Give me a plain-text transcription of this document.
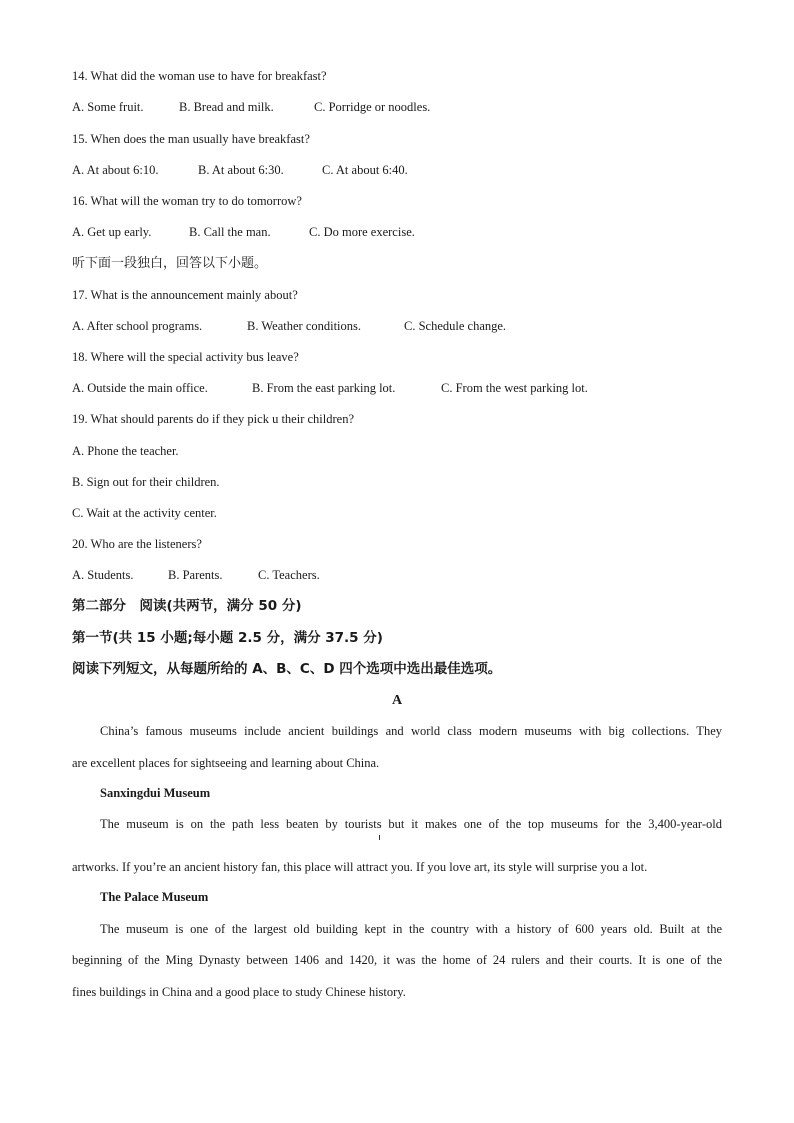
14. What did the woman use to have for breakfast?
A. Some fruit.	B. Bread and milk.	C. Porridge or noodles.
15. When does the man usually have breakfast?
A. At about 6:10.	B. At about 6:30.	C. At about 6:40.
16. What will the woman try to do tomorrow?
A. Get up early.	B. Call the man.	C. Do more exercise.
听下面一段独白，回答以下小题。
17. What is the announcement mainly about?
A. After school programs.	B. Weather conditions.	C. Schedule change.
18. Where will the special activity bus leave?
A. Outside the main office.	B. From the east parking lot.	C. From the west parking lot.
19. What should parents do if they pick u their children?
A. Phone the teacher.
B. Sign out for their children.
C. Wait at the activity center.
20. Who are the listeners?
A. Students.	B. Parents.	C. Teachers.
第二部分　阅读(共两节，满分 50 分)
第一节(共 15 小题;每小题 2.5 分，满分 37.5 分)
阅读下列短文，从每题所给的 A、B、C、D 四个选项中选出最佳选项。
A
China’s famous museums include ancient buildings and world class modern museums with big collections. They
are excellent places for sightseeing and learning about China.
Sanxingdui Museum
The museum is on the path less beaten by tourists but it makes one of the top museums for the 3,400-year-old
artworks. If you’re an ancient history fan, this place will attract you. If you love art, its style will surprise you a lot.
The Palace Museum
The museum is one of the largest old building kept in the country with a history of 600 years old. Built at the
beginning of the Ming Dynasty between 1406 and 1420, it was the home of 24 rulers and their courts. It is one of the
fines buildings in China and a good place to study Chinese history.
